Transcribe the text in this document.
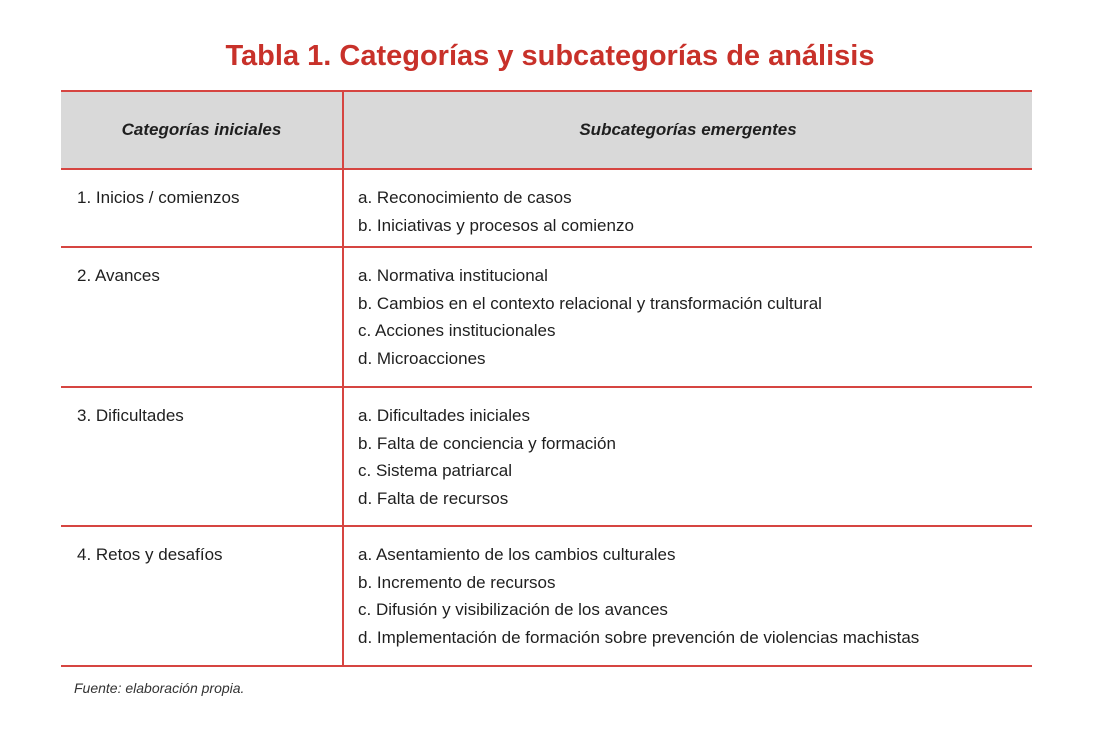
Tabla 1. Categorías y subcategorías de análisis
Categorías iniciales	Subcategorías emergentes
1. Inicios / comienzos	a. Reconocimiento de casos
b. Iniciativas y procesos al comienzo
2. Avances	a. Normativa institucional
b. Cambios en el contexto relacional y transformación cultural
c. Acciones institucionales
d. Microacciones
3. Dificultades	a. Dificultades iniciales
b. Falta de conciencia y formación
c. Sistema patriarcal
d. Falta de recursos
4. Retos y desafíos	a. Asentamiento de los cambios culturales
b. Incremento de recursos
c. Difusión y visibilización de los avances
d. Implementación de formación sobre prevención de violencias machistas
Fuente: elaboración propia.
